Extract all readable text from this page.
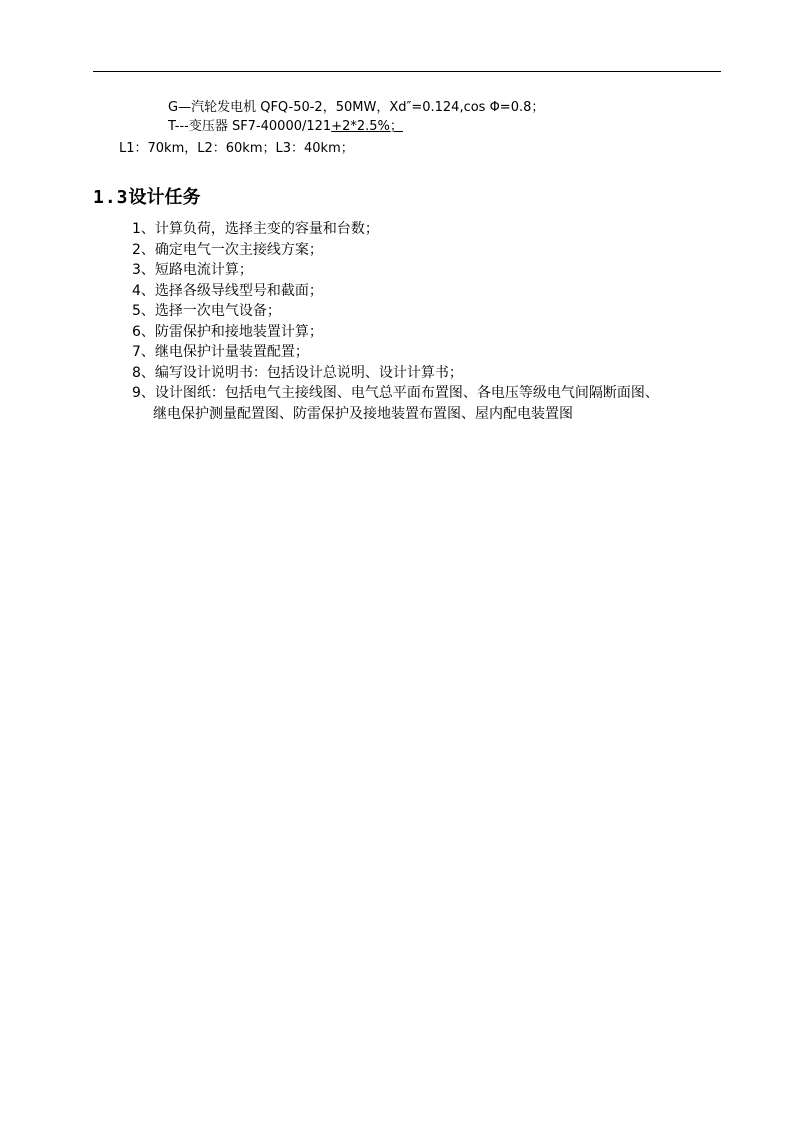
G—汽轮发电机 QFQ-50-2，50MW，Xd″=0.124,cos Φ=0.8；
T---变压器 SF7-40000/121+2*2.5%；
L1：70km，L2：60km；L3：40km；
1.3设计任务
1、计算负荷，选择主变的容量和台数；
2、确定电气一次主接线方案；
3、短路电流计算；
4、选择各级导线型号和截面；
5、选择一次电气设备；
6、防雷保护和接地装置计算；
7、继电保护计量装置配置；
8、编写设计说明书：包括设计总说明、设计计算书；
9、设计图纸：包括电气主接线图、电气总平面布置图、各电压等级电气间隔断面图、
继电保护测量配置图、防雷保护及接地装置布置图、屋内配电装置图
